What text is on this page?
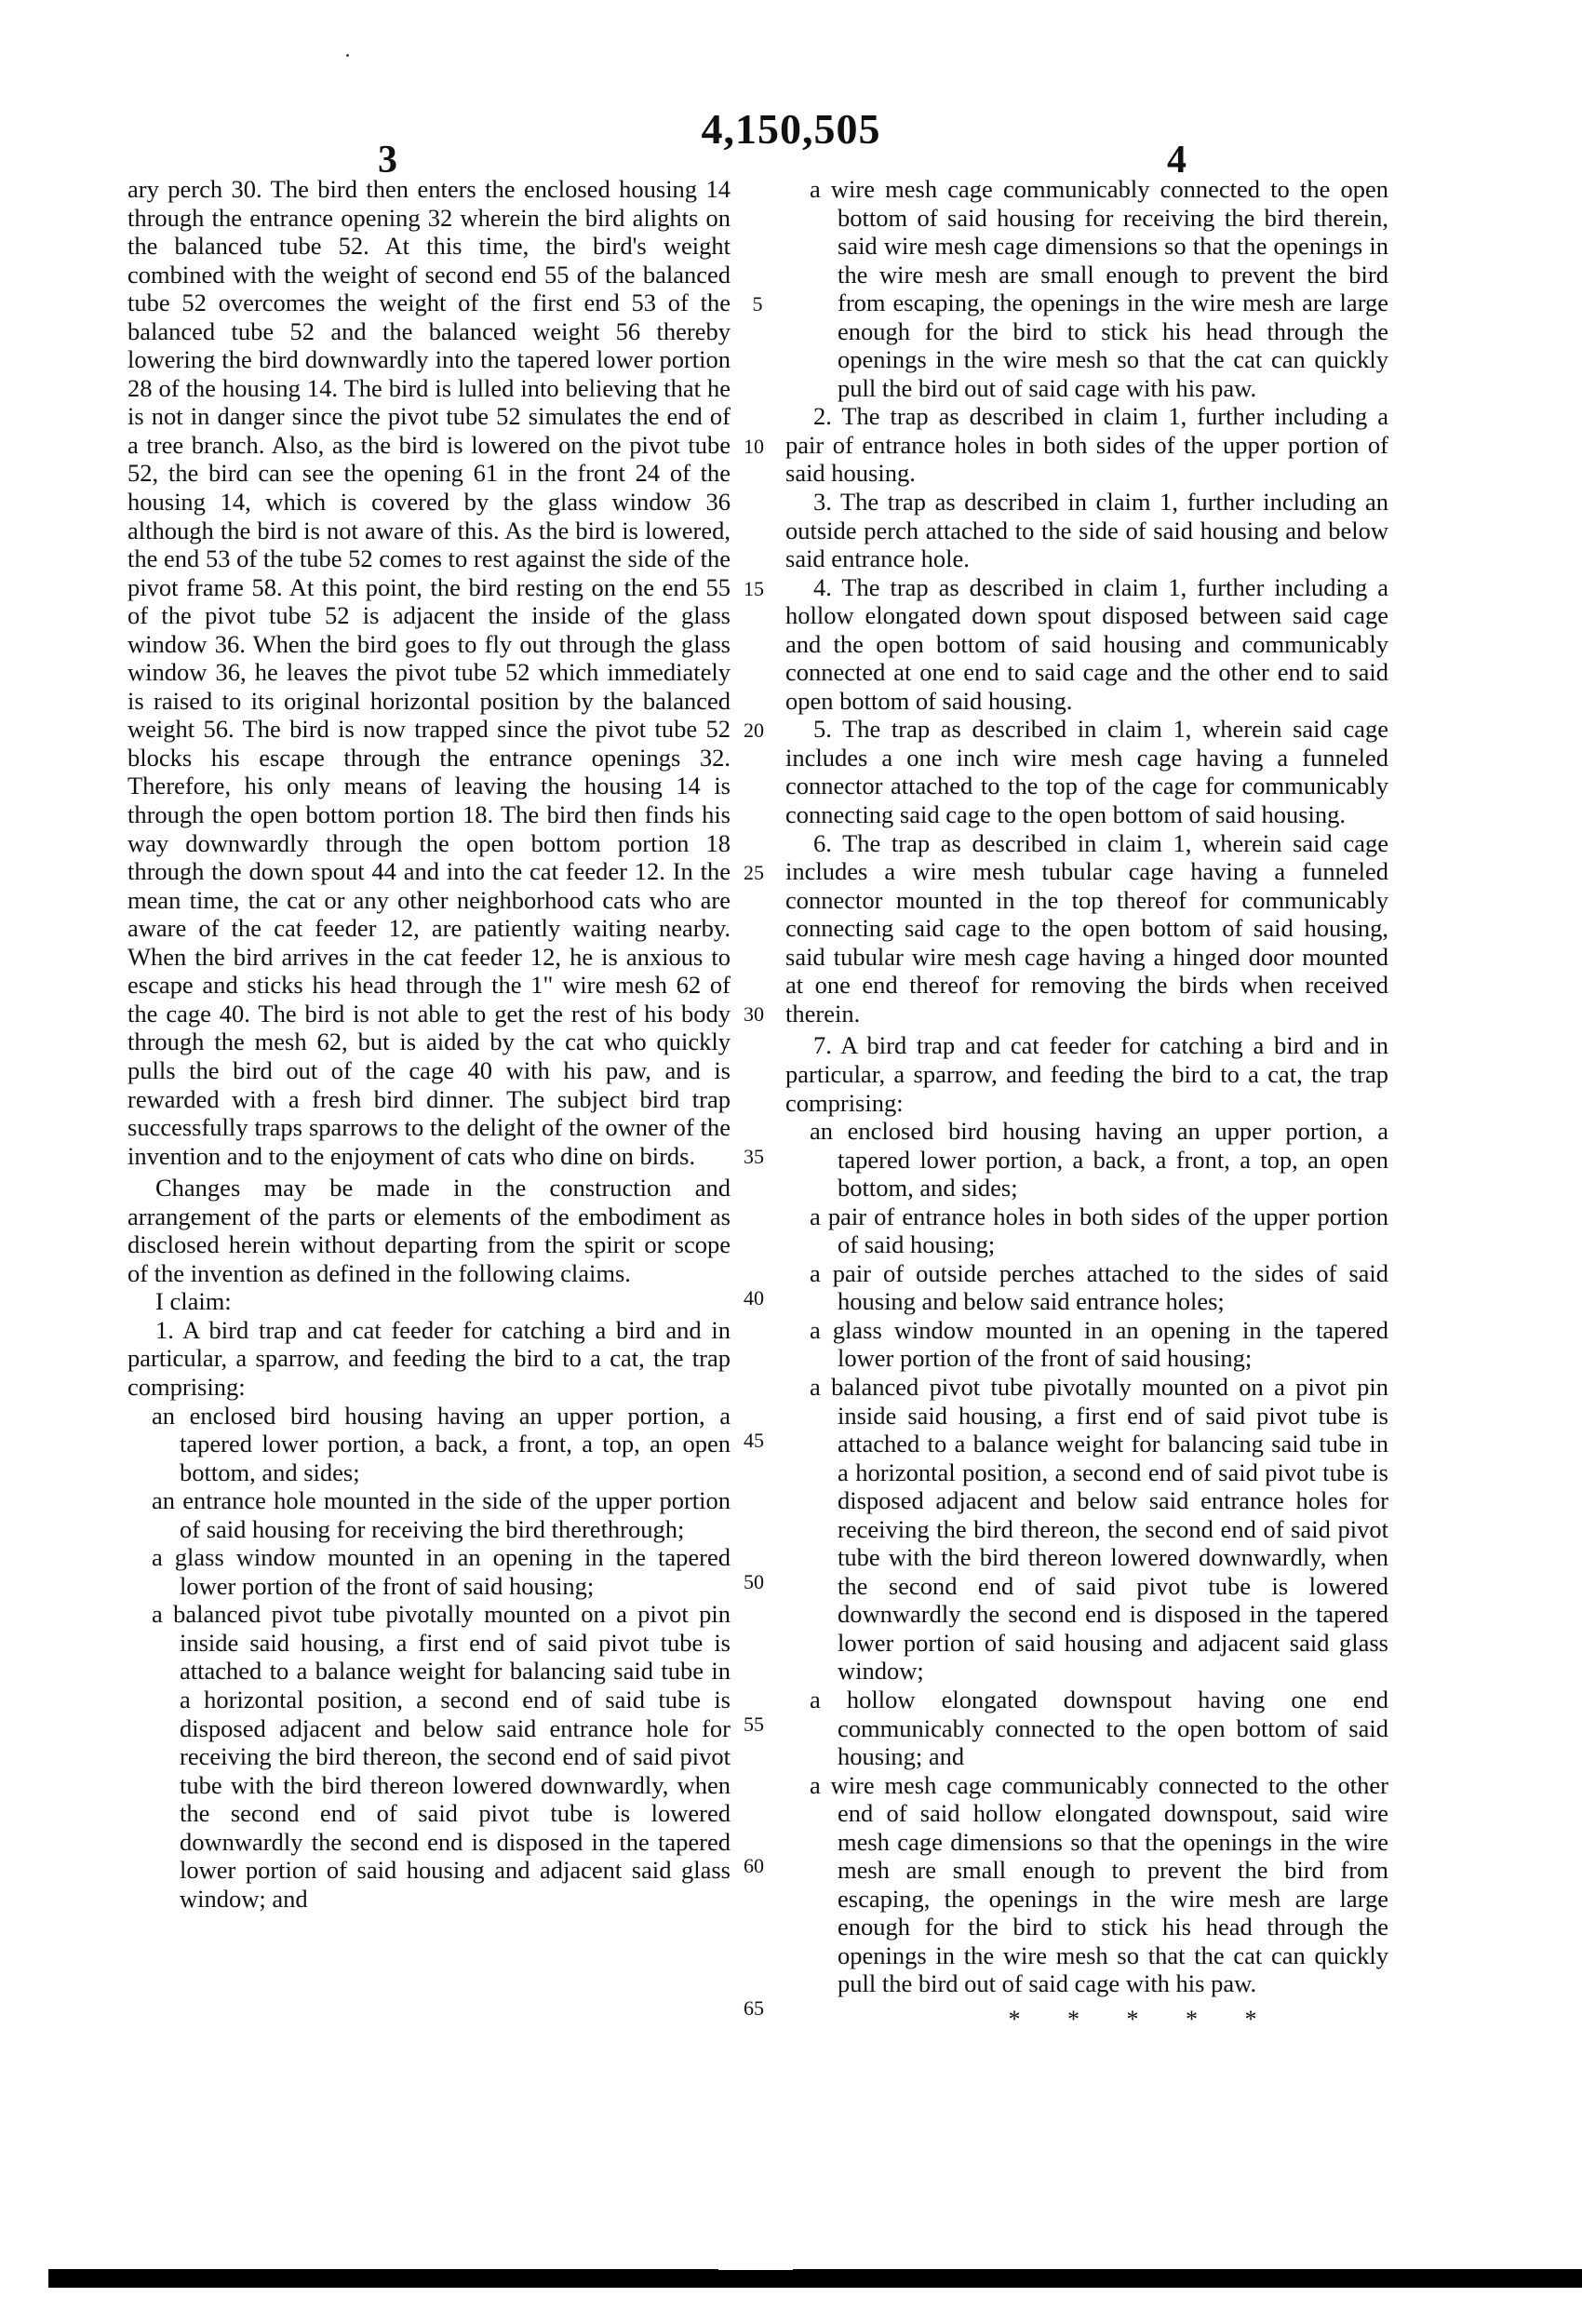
4,150,505
3	4

ary perch 30. The bird then enters the enclosed housing 14 through the entrance opening 32 wherein the bird alights on the balanced tube 52. At this time, the bird's weight combined with the weight of second end 55 of the balanced tube 52 overcomes the weight of the first end 53 of the balanced tube 52 and the balanced weight 56 thereby lowering the bird downwardly into the tapered lower portion 28 of the housing 14. The bird is lulled into believing that he is not in danger since the pivot tube 52 simulates the end of a tree branch. Also, as the bird is lowered on the pivot tube 52, the bird can see the opening 61 in the front 24 of the housing 14, which is covered by the glass window 36 although the bird is not aware of this. As the bird is lowered, the end 53 of the tube 52 comes to rest against the side of the pivot frame 58. At this point, the bird resting on the end 55 of the pivot tube 52 is adjacent the inside of the glass window 36. When the bird goes to fly out through the glass window 36, he leaves the pivot tube 52 which immediately is raised to its original horizontal position by the balanced weight 56. The bird is now trapped since the pivot tube 52 blocks his escape through the entrance openings 32. Therefore, his only means of leaving the housing 14 is through the open bottom portion 18. The bird then finds his way downwardly through the open bottom portion 18 through the down spout 44 and into the cat feeder 12. In the mean time, the cat or any other neighborhood cats who are aware of the cat feeder 12, are patiently waiting nearby. When the bird arrives in the cat feeder 12, he is anxious to escape and sticks his head through the 1" wire mesh 62 of the cage 40. The bird is not able to get the rest of his body through the mesh 62, but is aided by the cat who quickly pulls the bird out of the cage 40 with his paw, and is rewarded with a fresh bird dinner. The subject bird trap successfully traps sparrows to the delight of the owner of the invention and to the enjoyment of cats who dine on birds.

Changes may be made in the construction and arrangement of the parts or elements of the embodiment as disclosed herein without departing from the spirit or scope of the invention as defined in the following claims.

I claim:

1. A bird trap and cat feeder for catching a bird and in particular, a sparrow, and feeding the bird to a cat, the trap comprising:

an enclosed bird housing having an upper portion, a tapered lower portion, a back, a front, a top, an open bottom, and sides;

an entrance hole mounted in the side of the upper portion of said housing for receiving the bird therethrough;

a glass window mounted in an opening in the tapered lower portion of the front of said housing;

a balanced pivot tube pivotally mounted on a pivot pin inside said housing, a first end of said pivot tube is attached to a balance weight for balancing said tube in a horizontal position, a second end of said tube is disposed adjacent and below said entrance hole for receiving the bird thereon, the second end of said pivot tube with the bird thereon lowered downwardly, when the second end of said pivot tube is lowered downwardly the second end is disposed in the tapered lower portion of said housing and adjacent said glass window; and

5
10
15
20
25
30
35
40
45
50
55
60
65

a wire mesh cage communicably connected to the open bottom of said housing for receiving the bird therein, said wire mesh cage dimensions so that the openings in the wire mesh are small enough to prevent the bird from escaping, the openings in the wire mesh are large enough for the bird to stick his head through the openings in the wire mesh so that the cat can quickly pull the bird out of said cage with his paw.

2. The trap as described in claim 1, further including a pair of entrance holes in both sides of the upper portion of said housing.

3. The trap as described in claim 1, further including an outside perch attached to the side of said housing and below said entrance hole.

4. The trap as described in claim 1, further including a hollow elongated down spout disposed between said cage and the open bottom of said housing and communicably connected at one end to said cage and the other end to said open bottom of said housing.

5. The trap as described in claim 1, wherein said cage includes a one inch wire mesh cage having a funneled connector attached to the top of the cage for communicably connecting said cage to the open bottom of said housing.

6. The trap as described in claim 1, wherein said cage includes a wire mesh tubular cage having a funneled connector mounted in the top thereof for communicably connecting said cage to the open bottom of said housing, said tubular wire mesh cage having a hinged door mounted at one end thereof for removing the birds when received therein.

7. A bird trap and cat feeder for catching a bird and in particular, a sparrow, and feeding the bird to a cat, the trap comprising:

an enclosed bird housing having an upper portion, a tapered lower portion, a back, a front, a top, an open bottom, and sides;

a pair of entrance holes in both sides of the upper portion of said housing;

a pair of outside perches attached to the sides of said housing and below said entrance holes;

a glass window mounted in an opening in the tapered lower portion of the front of said housing;

a balanced pivot tube pivotally mounted on a pivot pin inside said housing, a first end of said pivot tube is attached to a balance weight for balancing said tube in a horizontal position, a second end of said pivot tube is disposed adjacent and below said entrance holes for receiving the bird thereon, the second end of said pivot tube with the bird thereon lowered downwardly, when the second end of said pivot tube is lowered downwardly the second end is disposed in the tapered lower portion of said housing and adjacent said glass window;

a hollow elongated downspout having one end communicably connected to the open bottom of said housing; and

a wire mesh cage communicably connected to the other end of said hollow elongated downspout, said wire mesh cage dimensions so that the openings in the wire mesh are small enough to prevent the bird from escaping, the openings in the wire mesh are large enough for the bird to stick his head through the openings in the wire mesh so that the cat can quickly pull the bird out of said cage with his paw.

* * * * *
